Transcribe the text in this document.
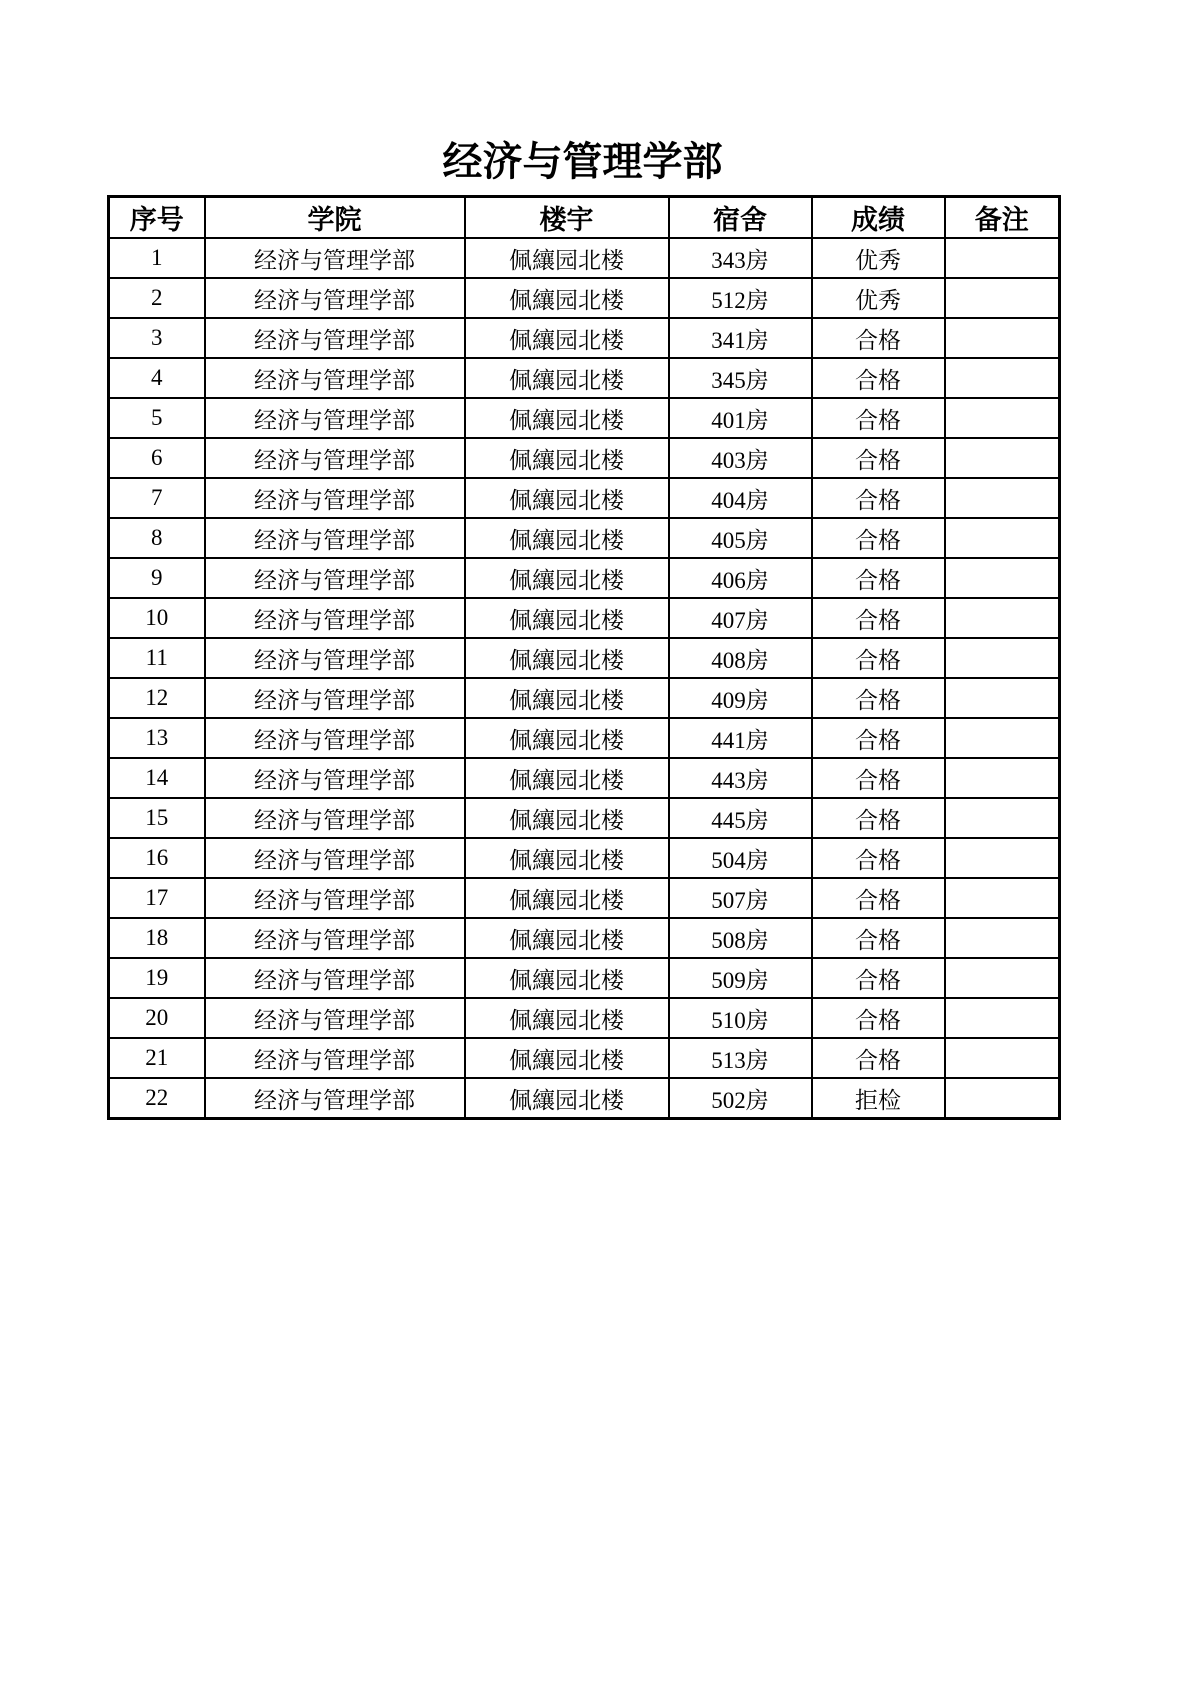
经济与管理学部
序号	学院	楼宇	宿舍	成绩	备注
1	经济与管理学部	佩纕园北楼	343房	优秀	
2	经济与管理学部	佩纕园北楼	512房	优秀	
3	经济与管理学部	佩纕园北楼	341房	合格	
4	经济与管理学部	佩纕园北楼	345房	合格	
5	经济与管理学部	佩纕园北楼	401房	合格	
6	经济与管理学部	佩纕园北楼	403房	合格	
7	经济与管理学部	佩纕园北楼	404房	合格	
8	经济与管理学部	佩纕园北楼	405房	合格	
9	经济与管理学部	佩纕园北楼	406房	合格	
10	经济与管理学部	佩纕园北楼	407房	合格	
11	经济与管理学部	佩纕园北楼	408房	合格	
12	经济与管理学部	佩纕园北楼	409房	合格	
13	经济与管理学部	佩纕园北楼	441房	合格	
14	经济与管理学部	佩纕园北楼	443房	合格	
15	经济与管理学部	佩纕园北楼	445房	合格	
16	经济与管理学部	佩纕园北楼	504房	合格	
17	经济与管理学部	佩纕园北楼	507房	合格	
18	经济与管理学部	佩纕园北楼	508房	合格	
19	经济与管理学部	佩纕园北楼	509房	合格	
20	经济与管理学部	佩纕园北楼	510房	合格	
21	经济与管理学部	佩纕园北楼	513房	合格	
22	经济与管理学部	佩纕园北楼	502房	拒检	
